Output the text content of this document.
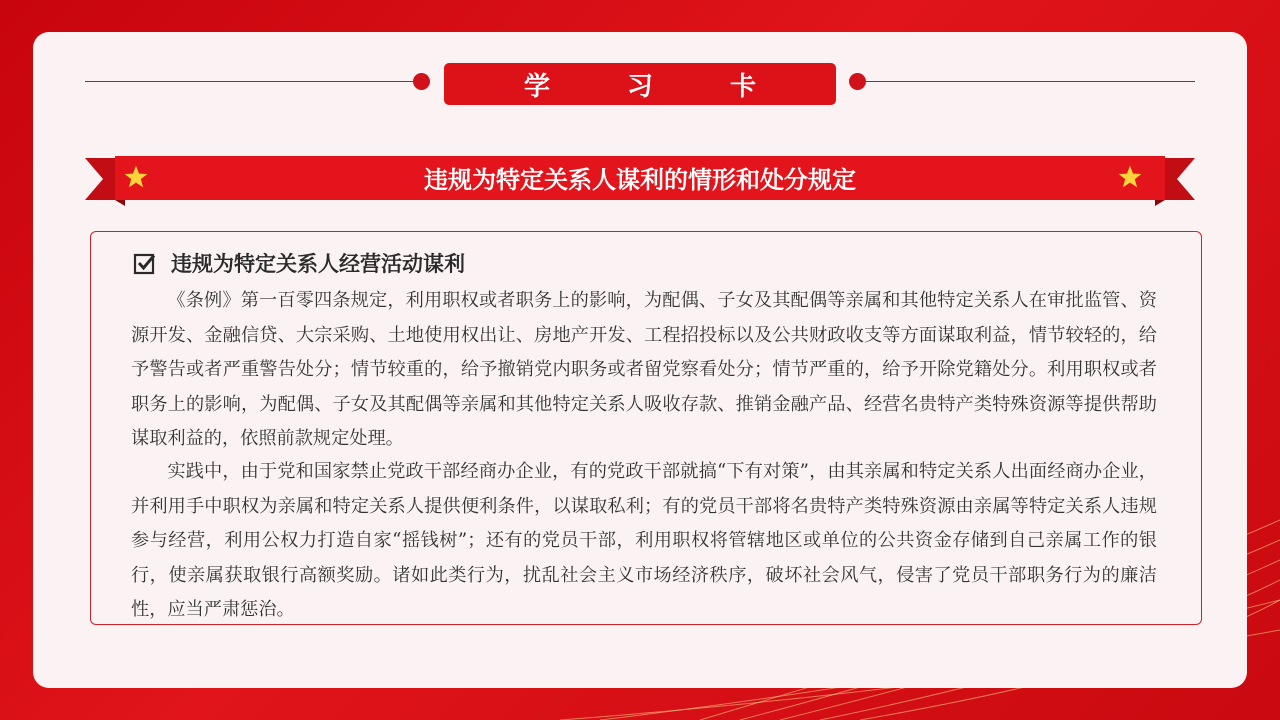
学 习 卡
违规为特定关系人谋利的情形和处分规定
违规为特定关系人经营活动谋利

《条例》第一百零四条规定，利用职权或者职务上的影响，为配偶、子女及其配偶等亲属和其他特定关系人在审批监管、资源开发、金融信贷、大宗采购、土地使用权出让、房地产开发、工程招投标以及公共财政收支等方面谋取利益，情节较轻的，给予警告或者严重警告处分；情节较重的，给予撤销党内职务或者留党察看处分；情节严重的，给予开除党籍处分。利用职权或者职务上的影响，为配偶、子女及其配偶等亲属和其他特定关系人吸收存款、推销金融产品、经营名贵特产类特殊资源等提供帮助谋取利益的，依照前款规定处理。

实践中，由于党和国家禁止党政干部经商办企业，有的党政干部就搞“下有对策”，由其亲属和特定关系人出面经商办企业，并利用手中职权为亲属和特定关系人提供便利条件，以谋取私利；有的党员干部将名贵特产类特殊资源由亲属等特定关系人违规参与经营，利用公权力打造自家“摇钱树”；还有的党员干部，利用职权将管辖地区或单位的公共资金存储到自己亲属工作的银行，使亲属获取银行高额奖励。诸如此类行为，扰乱社会主义市场经济秩序，破坏社会风气，侵害了党员干部职务行为的廉洁性，应当严肃惩治。
